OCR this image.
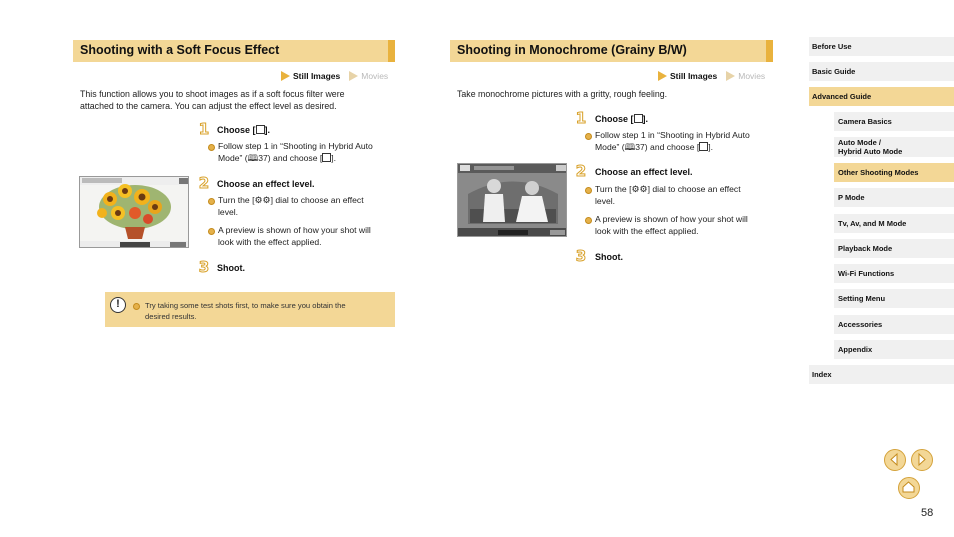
Shooting with a Soft Focus Effect
Still Images Movies
This function allows you to shoot images as if a soft focus filter were
attached to the camera. You can adjust the effect level as desired.
1 Choose [ ].
Follow step 1 in “Shooting in Hybrid Auto
Mode” (🕮37) and choose [ ].
2 Choose an effect level.
Turn the [⚙⚙] dial to choose an effect
level.
A preview is shown of how your shot will
look with the effect applied.
3 Shoot.
!	Try taking some test shots first, to make sure you obtain the
desired results.
Shooting in Monochrome (Grainy B/W)
Still Images Movies
Take monochrome pictures with a gritty, rough feeling.
1 Choose [ ].
Follow step 1 in “Shooting in Hybrid Auto
Mode” (🕮37) and choose [ ].
2 Choose an effect level.
Turn the [⚙⚙] dial to choose an effect
level.
A preview is shown of how your shot will
look with the effect applied.
3 Shoot.
Before Use
Basic Guide
Advanced Guide
Camera Basics
Auto Mode /
Hybrid Auto Mode
Other Shooting Modes
P Mode
Tv, Av, and M Mode
Playback Mode
Wi-Fi Functions
Setting Menu
Accessories
Appendix
Index
58
